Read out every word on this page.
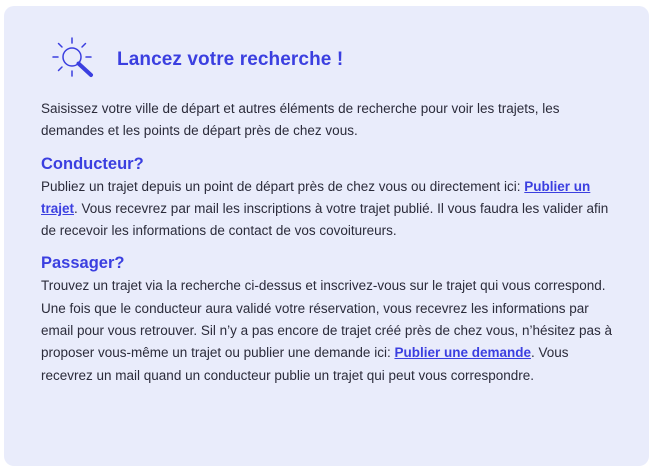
Lancez votre recherche !

Saisissez votre ville de départ et autres éléments de recherche pour voir les trajets, les demandes et les points de départ près de chez vous.

Conducteur?

Publiez un trajet depuis un point de départ près de chez vous ou directement ici: Publier un trajet. Vous recevrez par mail les inscriptions à votre trajet publié. Il vous faudra les valider afin de recevoir les informations de contact de vos covoitureurs.

Passager?

Trouvez un trajet via la recherche ci-dessus et inscrivez-vous sur le trajet qui vous correspond. Une fois que le conducteur aura validé votre réservation, vous recevrez les informations par email pour vous retrouver. Sil n’y a pas encore de trajet créé près de chez vous, n’hésitez pas à proposer vous-même un trajet ou publier une demande ici: Publier une demande. Vous recevrez un mail quand un conducteur publie un trajet qui peut vous correspondre.
